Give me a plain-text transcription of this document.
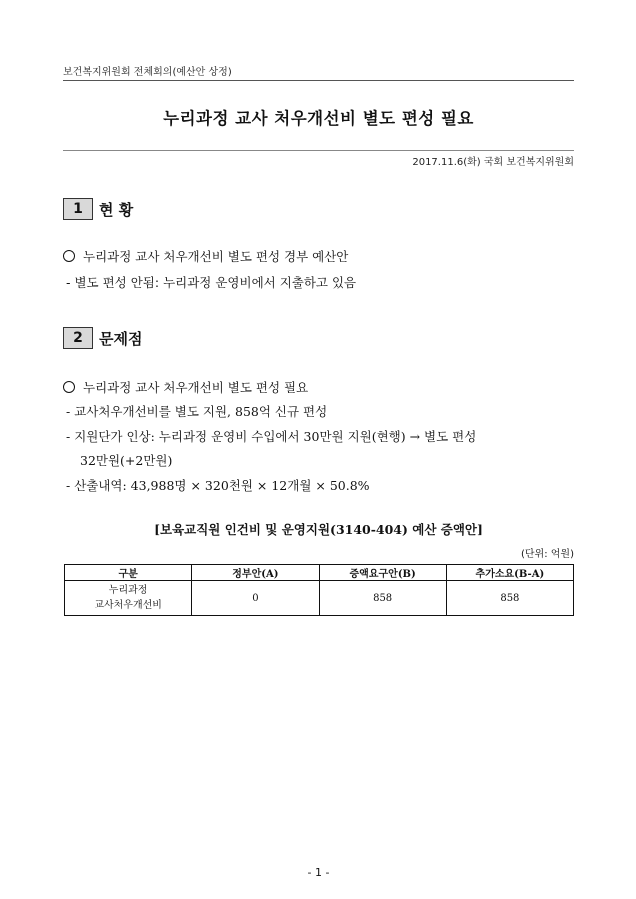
보건복지위원회 전체회의(예산안 상정)
누리과정 교사 처우개선비 별도 편성 필요
2017.11.6(화) 국회 보건복지위원회
1	현 황
누리과정 교사 처우개선비 별도 편성 경부 예산안
- 별도 편성 안됨: 누리과정 운영비에서 지출하고 있음
2	문제점
누리과정 교사 처우개선비 별도 편성 필요
- 교사처우개선비를 별도 지원, 858억 신규 편성
- 지원단가 인상: 누리과정 운영비 수입에서 30만원 지원(현행) → 별도 편성
32만원(+2만원)
- 산출내역: 43,988명 × 320천원 × 12개월 × 50.8%
[보육교직원 인건비 및 운영지원(3140-404) 예산 증액안]
(단위: 억원)
구분	정부안(A)	증액요구안(B)	추가소요(B-A)

누리과정
교사처우개선비	0	858	858
- 1 -
